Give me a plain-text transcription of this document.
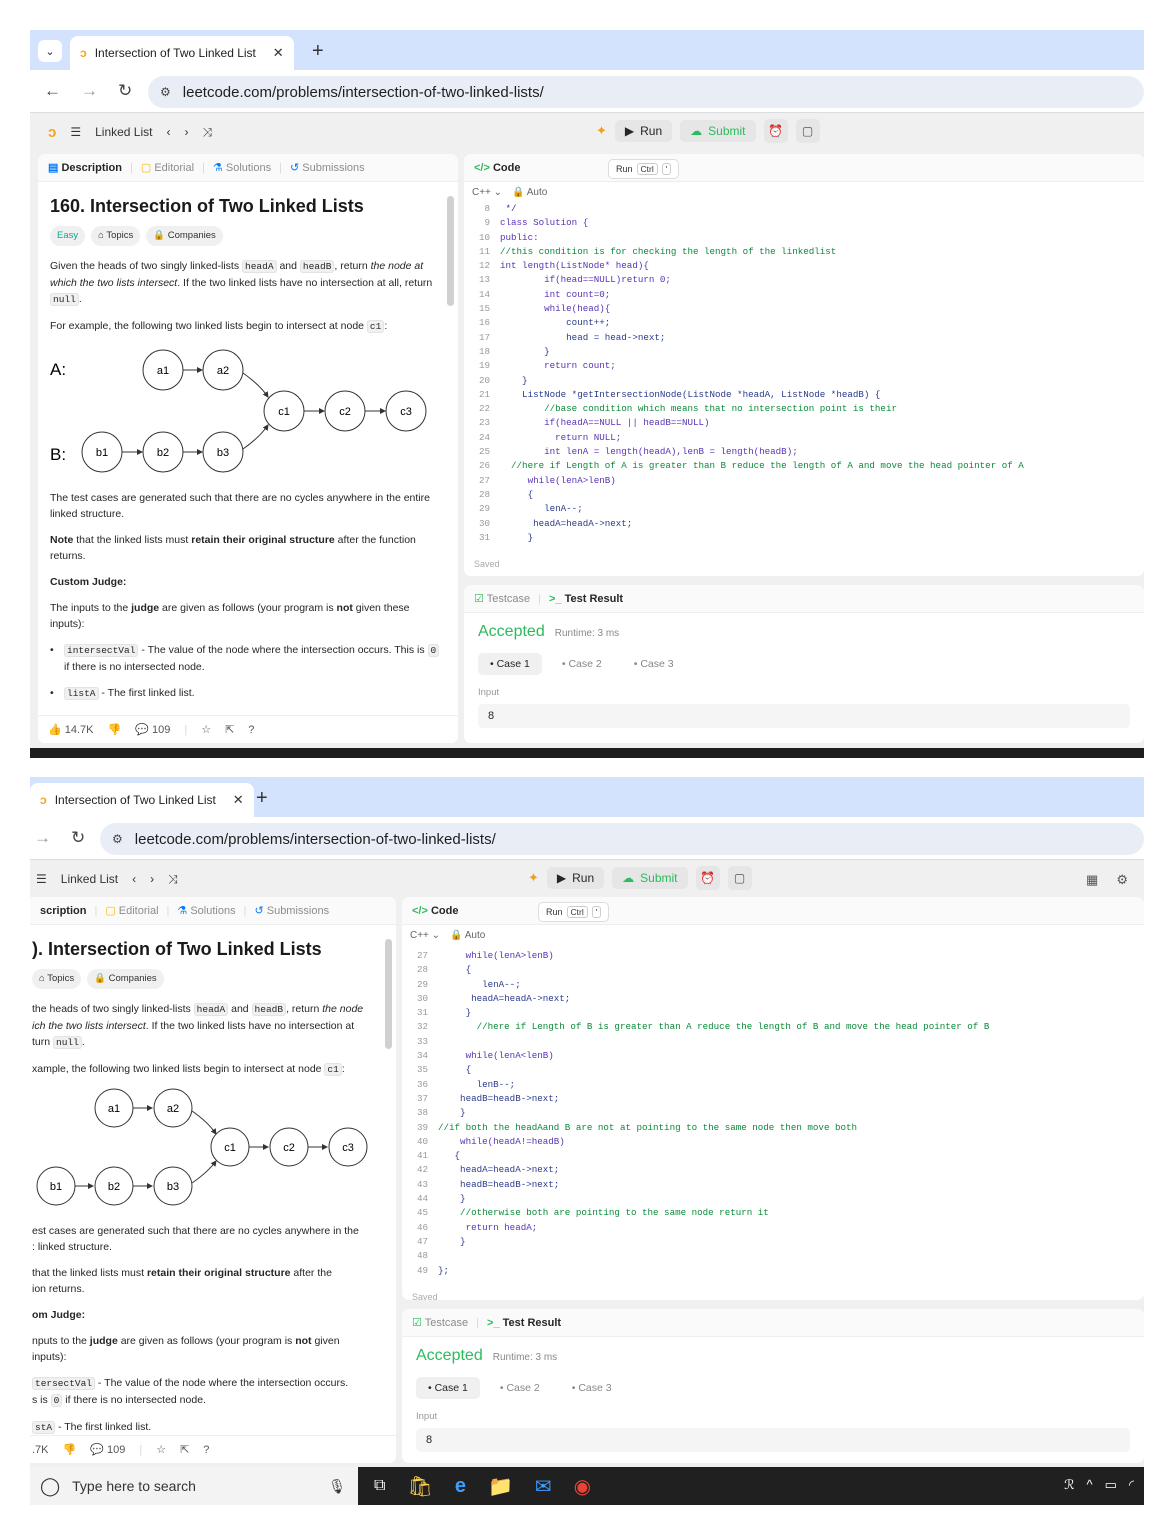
⌄	ↄ Intersection of Two Linked List	✕ +
← → ↻ ⚙ leetcode.com/problems/intersection-of-two-linked-lists/
ↄ ☰ Linked List ‹ › ⤨	✦ ▶ Run ☁ Submit	⏰	▢
▤ Description | ▢ Editorial | ⚗ Solutions | ↺ Submissions
160. Intersection of Two Linked Lists
Easy	⌂ Topics	🔒 Companies

Given the heads of two singly linked-lists headA and headB , return the node at which the two lists intersect. If the two linked lists have no intersection at all, return null .

For example, the following two linked lists begin to intersect at node c1 :

A:
B:
a1	a2
c1	c2	c3
b1	b2	b3

The test cases are generated such that there are no cycles anywhere in the entire linked structure.

Note that the linked lists must retain their original structure after the function returns.

Custom Judge:

The inputs to the judge are given as follows (your program is not given these inputs):

• intersectVal - The value of the node where the intersection occurs. This is 0 if there is no intersected node.
• listA - The first linked list.
👍 14.7K 👎 💬 109 | ☆ ⇱ ?
</> Code	Run Ctrl	'
C++ ⌄ 🔒 Auto
8	*/
9	class Solution {
10	public:
11	//this condition is for checking the length of the linkedlist
12	int length(ListNode* head){
13	if(head==NULL)return 0;
14	int count=0;
15	while(head){
16	count++;
17	head = head->next;
18	}
19	return count;
20	}
21	ListNode *getIntersectionNode(ListNode *headA, ListNode *headB) {
22	//base condition which means that no intersection point is their
23	if(headA==NULL || headB==NULL)
24	return NULL;
25	int lenA = length(headA),lenB = length(headB);
26	//here if Length of A is greater than B reduce the length of A and move the head pointer of A
27	while(lenA>lenB)
28	{
29	lenA--;
30	headA=headA->next;
31	}
Saved
☑ Testcase | >_ Test Result
Accepted Runtime: 3 ms
• Case 1	• Case 2	• Case 3
Input
8
ↄ Intersection of Two Linked List	✕ +
→ ↻ ⚙ leetcode.com/problems/intersection-of-two-linked-lists/
☰ Linked List ‹ › ⤨	✦ ▶ Run ☁ Submit	⏰	▢	▦ ⚙
scription | ▢ Editorial | ⚗ Solutions | ↺ Submissions
). Intersection of Two Linked Lists
⌂ Topics	🔒 Companies

the heads of two singly linked-lists headA and headB , return the node

ich the two lists intersect. If the two linked lists have no intersection at

turn null .

xample, the following two linked lists begin to intersect at node c1 :

a1	a2
c1	c2	c3
b1	b2	b3

est cases are generated such that there are no cycles anywhere in the

: linked structure.

that the linked lists must retain their original structure after the

ion returns.

om Judge:

nputs to the judge are given as follows (your program is not given

inputs):

tersectVal - The value of the node where the intersection occurs.

s is 0 if there is no intersected node.

stA - The first linked list.

.7K 👎 💬 109 | ☆ ⇱ ?
</> Code	Run Ctrl	'
C++ ⌄ 🔒 Auto
27	while(lenA>lenB)
28	{
29	lenA--;
30	headA=headA->next;
31	}
32	//here if Length of B is greater than A reduce the length of B and move the head pointer of B
33
34	while(lenA<lenB)
35	{
36	lenB--;
37	headB=headB->next;
38	}
39	//if both the headAand B are not at pointing to the same node then move both
40	while(headA!=headB)
41	{
42	headA=headA->next;
43	headB=headB->next;
44	}
45	//otherwise both are pointing to the same node return it
46	return headA;
47	}
48
49	};
Saved
☑ Testcase | >_ Test Result
Accepted Runtime: 3 ms
• Case 1	• Case 2	• Case 3
Input
8
◯ Type here to search	🎙 ⧉ 🛍 e 📁 ✉ ◉	ℛ ^ ▭ ◜
